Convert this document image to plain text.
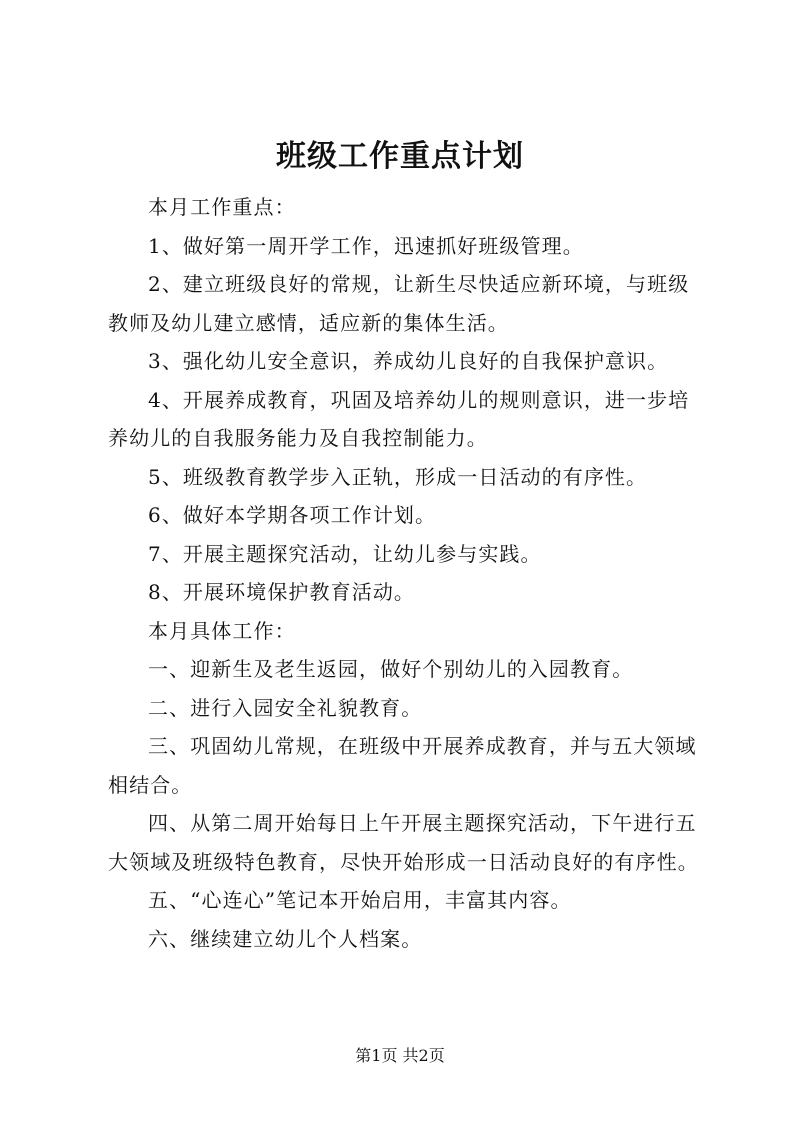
班级工作重点计划

本月工作重点：

1、做好第一周开学工作，迅速抓好班级管理。

2、建立班级良好的常规，让新生尽快适应新环境，与班级教师及幼儿建立感情，适应新的集体生活。

3、强化幼儿安全意识，养成幼儿良好的自我保护意识。

4、开展养成教育，巩固及培养幼儿的规则意识，进一步培养幼儿的自我服务能力及自我控制能力。

5、班级教育教学步入正轨，形成一日活动的有序性。

6、做好本学期各项工作计划。

7、开展主题探究活动，让幼儿参与实践。

8、开展环境保护教育活动。

本月具体工作：

一、迎新生及老生返园，做好个别幼儿的入园教育。

二、进行入园安全礼貌教育。

三、巩固幼儿常规，在班级中开展养成教育，并与五大领域相结合。

四、从第二周开始每日上午开展主题探究活动，下午进行五大领域及班级特色教育，尽快开始形成一日活动良好的有序性。

五、“心连心”笔记本开始启用，丰富其内容。

六、继续建立幼儿个人档案。

第1页 共2页
